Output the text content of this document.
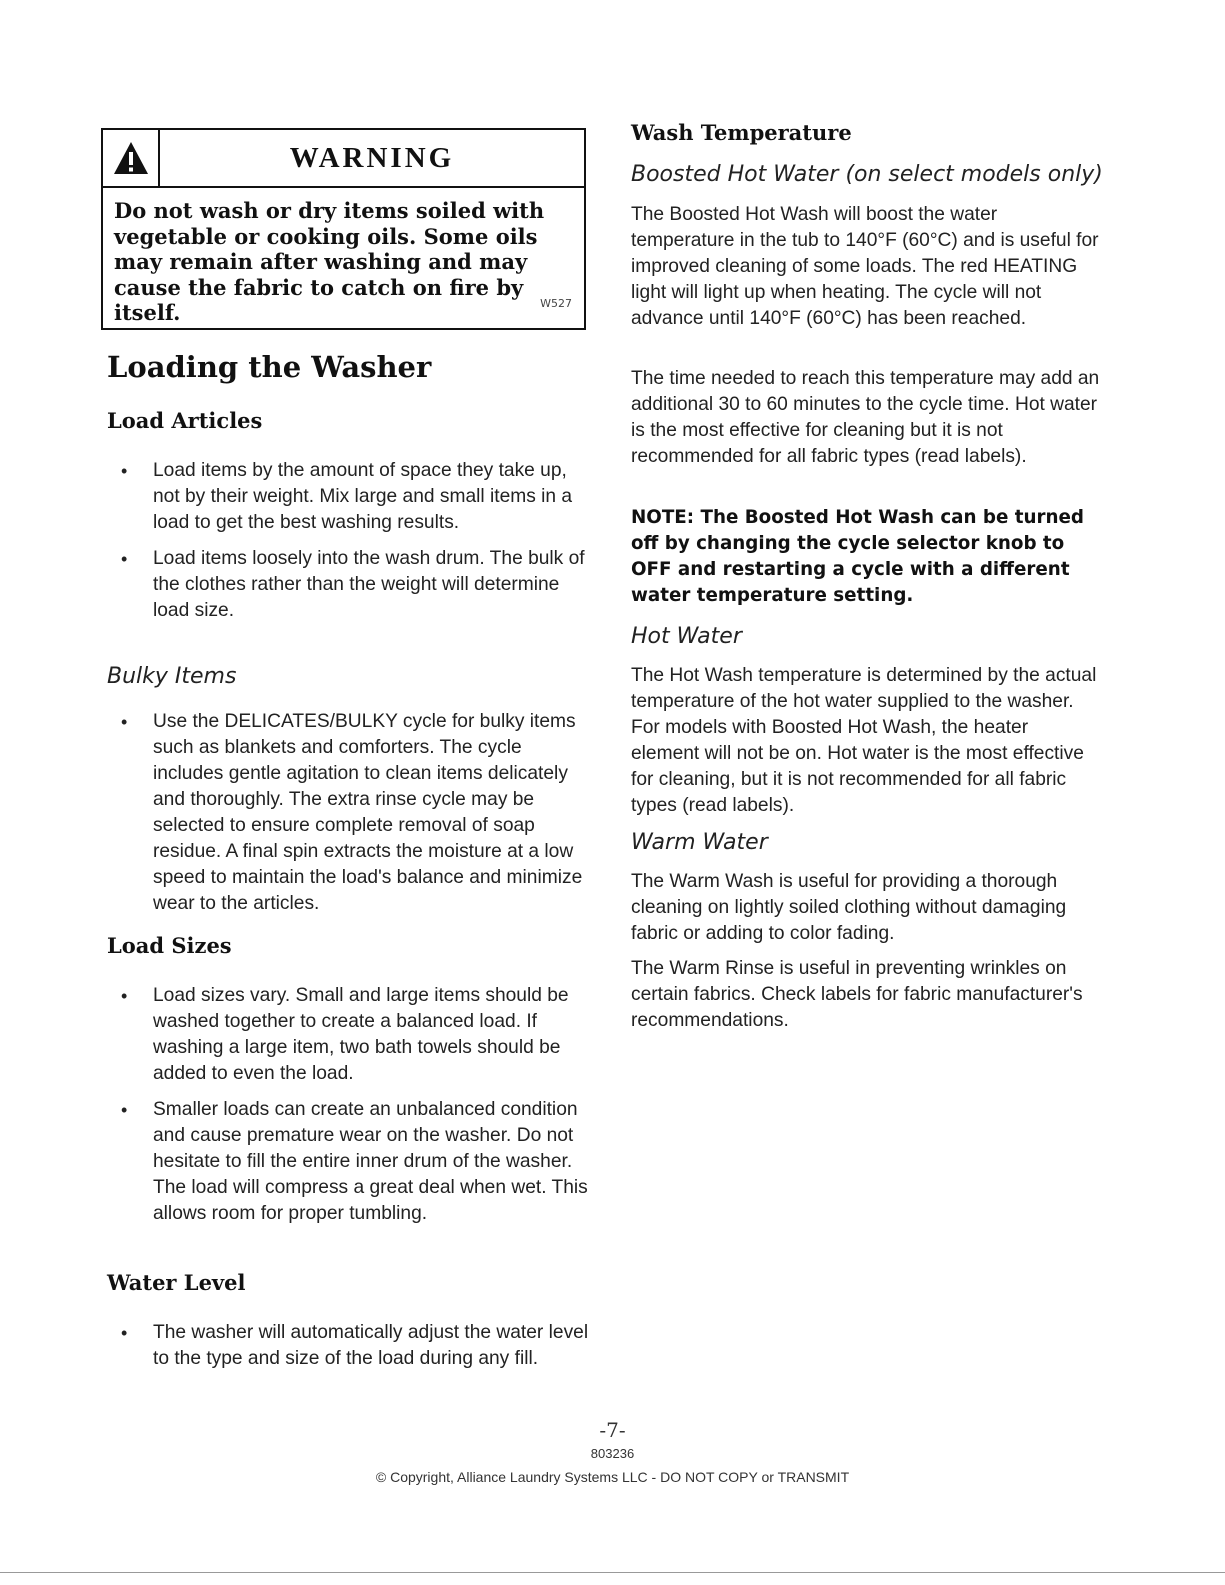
WARNING
Do not wash or dry items soiled with vegetable or cooking oils. Some oils may remain after washing and may cause the fabric to catch on fire by itself.	W527
Loading the Washer
Load Articles
• Load items by the amount of space they take up, not by their weight. Mix large and small items in a load to get the best washing results.
• Load items loosely into the wash drum. The bulk of the clothes rather than the weight will determine load size.
Bulky Items
• Use the DELICATES/BULKY cycle for bulky items such as blankets and comforters. The cycle includes gentle agitation to clean items delicately and thoroughly. The extra rinse cycle may be selected to ensure complete removal of soap residue. A final spin extracts the moisture at a low speed to maintain the load's balance and minimize wear to the articles.
Load Sizes
• Load sizes vary. Small and large items should be washed together to create a balanced load. If washing a large item, two bath towels should be added to even the load.
• Smaller loads can create an unbalanced condition and cause premature wear on the washer. Do not hesitate to fill the entire inner drum of the washer. The load will compress a great deal when wet. This allows room for proper tumbling.
Water Level
• The washer will automatically adjust the water level to the type and size of the load during any fill.
Wash Temperature
Boosted Hot Water (on select models only)

The Boosted Hot Wash will boost the water temperature in the tub to 140°F (60°C) and is useful for improved cleaning of some loads. The red HEATING light will light up when heating. The cycle will not advance until 140°F (60°C) has been reached.

The time needed to reach this temperature may add an additional 30 to 60 minutes to the cycle time. Hot water is the most effective for cleaning but it is not recommended for all fabric types (read labels).

NOTE: The Boosted Hot Wash can be turned off by changing the cycle selector knob to OFF and restarting a cycle with a different water temperature setting.

Hot Water

The Hot Wash temperature is determined by the actual temperature of the hot water supplied to the washer. For models with Boosted Hot Wash, the heater element will not be on. Hot water is the most effective for cleaning, but it is not recommended for all fabric types (read labels).

Warm Water

The Warm Wash is useful for providing a thorough cleaning on lightly soiled clothing without damaging fabric or adding to color fading.

The Warm Rinse is useful in preventing wrinkles on certain fabrics. Check labels for fabric manufacturer's recommendations.

-7-
803236
© Copyright, Alliance Laundry Systems LLC - DO NOT COPY or TRANSMIT
